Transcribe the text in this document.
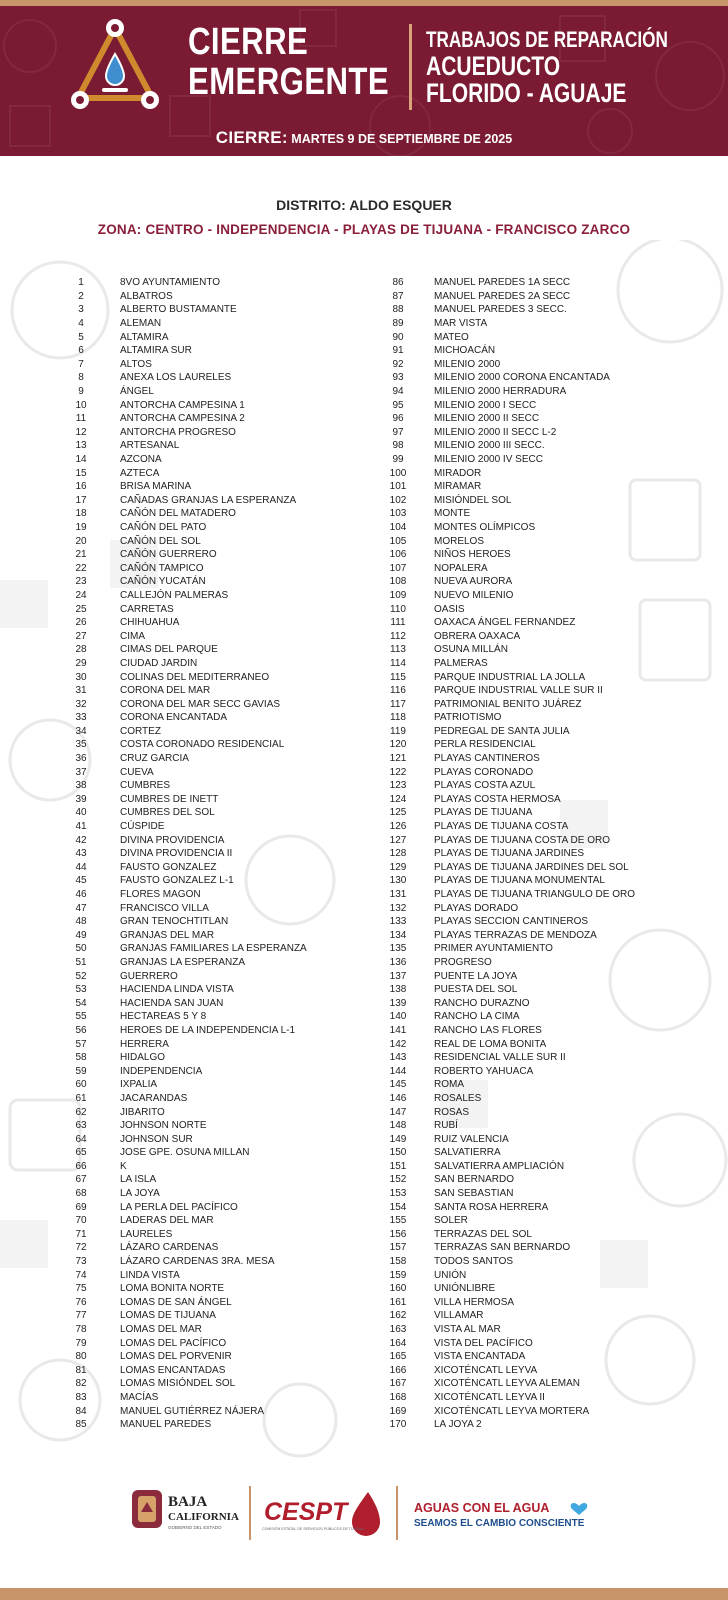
CIERRE
EMERGENTE
TRABAJOS DE REPARACIÓN
ACUEDUCTO
FLORIDO - AGUAJE
CIERRE: MARTES 9 DE SEPTIEMBRE DE 2025
DISTRITO: ALDO ESQUER
ZONA: CENTRO - INDEPENDENCIA - PLAYAS DE TIJUANA - FRANCISCO ZARCO
1	8VO AYUNTAMIENTO
2	ALBATROS
3	ALBERTO BUSTAMANTE
4	ALEMAN
5	ALTAMIRA
6	ALTAMIRA SUR
7	ALTOS
8	ANEXA LOS LAURELES
9	ÁNGEL
10	ANTORCHA CAMPESINA 1
11	ANTORCHA CAMPESINA 2
12	ANTORCHA PROGRESO
13	ARTESANAL
14	AZCONA
15	AZTECA
16	BRISA MARINA
17	CAÑADAS GRANJAS LA ESPERANZA
18	CAÑÓN DEL MATADERO
19	CAÑÓN DEL PATO
20	CAÑÓN DEL SOL
21	CAÑÓN GUERRERO
22	CAÑÓN TAMPICO
23	CAÑÓN YUCATÁN
24	CALLEJÓN PALMERAS
25	CARRETAS
26	CHIHUAHUA
27	CIMA
28	CIMAS DEL PARQUE
29	CIUDAD JARDIN
30	COLINAS DEL MEDITERRANEO
31	CORONA DEL MAR
32	CORONA DEL MAR SECC GAVIAS
33	CORONA ENCANTADA
34	CORTEZ
35	COSTA CORONADO RESIDENCIAL
36	CRUZ GARCIA
37	CUEVA
38	CUMBRES
39	CUMBRES DE INETT
40	CUMBRES DEL SOL
41	CÚSPIDE
42	DIVINA PROVIDENCIA
43	DIVINA PROVIDENCIA II
44	FAUSTO GONZALEZ
45	FAUSTO GONZALEZ L-1
46	FLORES MAGON
47	FRANCISCO VILLA
48	GRAN TENOCHTITLAN
49	GRANJAS DEL MAR
50	GRANJAS FAMILIARES LA ESPERANZA
51	GRANJAS LA ESPERANZA
52	GUERRERO
53	HACIENDA LINDA VISTA
54	HACIENDA SAN JUAN
55	HECTAREAS 5 Y 8
56	HEROES DE LA INDEPENDENCIA L-1
57	HERRERA
58	HIDALGO
59	INDEPENDENCIA
60	IXPALIA
61	JACARANDAS
62	JIBARITO
63	JOHNSON NORTE
64	JOHNSON SUR
65	JOSE GPE. OSUNA MILLAN
66	K
67	LA ISLA
68	LA JOYA
69	LA PERLA DEL PACÍFICO
70	LADERAS DEL MAR
71	LAURELES
72	LÁZARO CARDENAS
73	LÁZARO CARDENAS 3RA. MESA
74	LINDA VISTA
75	LOMA BONITA NORTE
76	LOMAS DE SAN ÁNGEL
77	LOMAS DE TIJUANA
78	LOMAS DEL MAR
79	LOMAS DEL PACÍFICO
80	LOMAS DEL PORVENIR
81	LOMAS ENCANTADAS
82	LOMAS MISIÓNDEL SOL
83	MACÍAS
84	MANUEL GUTIÉRREZ NÁJERA
85	MANUEL PAREDES
86	MANUEL PAREDES 1A SECC
87	MANUEL PAREDES 2A SECC
88	MANUEL PAREDES 3 SECC.
89	MAR VISTA
90	MATEO
91	MICHOACÁN
92	MILENIO 2000
93	MILENIO 2000 CORONA ENCANTADA
94	MILENIO 2000 HERRADURA
95	MILENIO 2000 I SECC
96	MILENIO 2000 II SECC
97	MILENIO 2000 II SECC L-2
98	MILENIO 2000 III SECC.
99	MILENIO 2000 IV SECC
100	MIRADOR
101	MIRAMAR
102	MISIÓNDEL SOL
103	MONTE
104	MONTES OLÍMPICOS
105	MORELOS
106	NIÑOS HEROES
107	NOPALERA
108	NUEVA AURORA
109	NUEVO MILENIO
110	OASIS
111	OAXACA ÁNGEL FERNANDEZ
112	OBRERA OAXACA
113	OSUNA MILLÁN
114	PALMERAS
115	PARQUE INDUSTRIAL LA JOLLA
116	PARQUE INDUSTRIAL VALLE SUR II
117	PATRIMONIAL BENITO JUÁREZ
118	PATRIOTISMO
119	PEDREGAL DE SANTA JULIA
120	PERLA RESIDENCIAL
121	PLAYAS CANTINEROS
122	PLAYAS CORONADO
123	PLAYAS COSTA AZUL
124	PLAYAS COSTA HERMOSA
125	PLAYAS DE TIJUANA
126	PLAYAS DE TIJUANA COSTA
127	PLAYAS DE TIJUANA COSTA DE ORO
128	PLAYAS DE TIJUANA JARDINES
129	PLAYAS DE TIJUANA JARDINES DEL SOL
130	PLAYAS DE TIJUANA MONUMENTAL
131	PLAYAS DE TIJUANA TRIANGULO DE ORO
132	PLAYAS DORADO
133	PLAYAS SECCION CANTINEROS
134	PLAYAS TERRAZAS DE MENDOZA
135	PRIMER AYUNTAMIENTO
136	PROGRESO
137	PUENTE LA JOYA
138	PUESTA DEL SOL
139	RANCHO DURAZNO
140	RANCHO LA CIMA
141	RANCHO LAS FLORES
142	REAL DE LOMA BONITA
143	RESIDENCIAL VALLE SUR II
144	ROBERTO YAHUACA
145	ROMA
146	ROSALES
147	ROSAS
148	RUBÍ
149	RUIZ VALENCIA
150	SALVATIERRA
151	SALVATIERRA AMPLIACIÓN
152	SAN BERNARDO
153	SAN SEBASTIAN
154	SANTA ROSA HERRERA
155	SOLER
156	TERRAZAS DEL SOL
157	TERRAZAS SAN BERNARDO
158	TODOS SANTOS
159	UNIÓN
160	UNIÓNLIBRE
161	VILLA HERMOSA
162	VILLAMAR
163	VISTA AL MAR
164	VISTA DEL PACÍFICO
165	VISTA ENCANTADA
166	XICOTÉNCATL LEYVA
167	XICOTÉNCATL LEYVA ALEMAN
168	XICOTÉNCATL LEYVA II
169	XICOTÉNCATL LEYVA MORTERA
170	LA JOYA 2
BAJA
CALIFORNIA
GOBIERNO DEL ESTADO
CESPT
COMISIÓN ESTATAL DE SERVICIOS PÚBLICOS DE TIJUANA
AGUAS CON EL AGUA
SEAMOS EL CAMBIO CONSCIENTE
